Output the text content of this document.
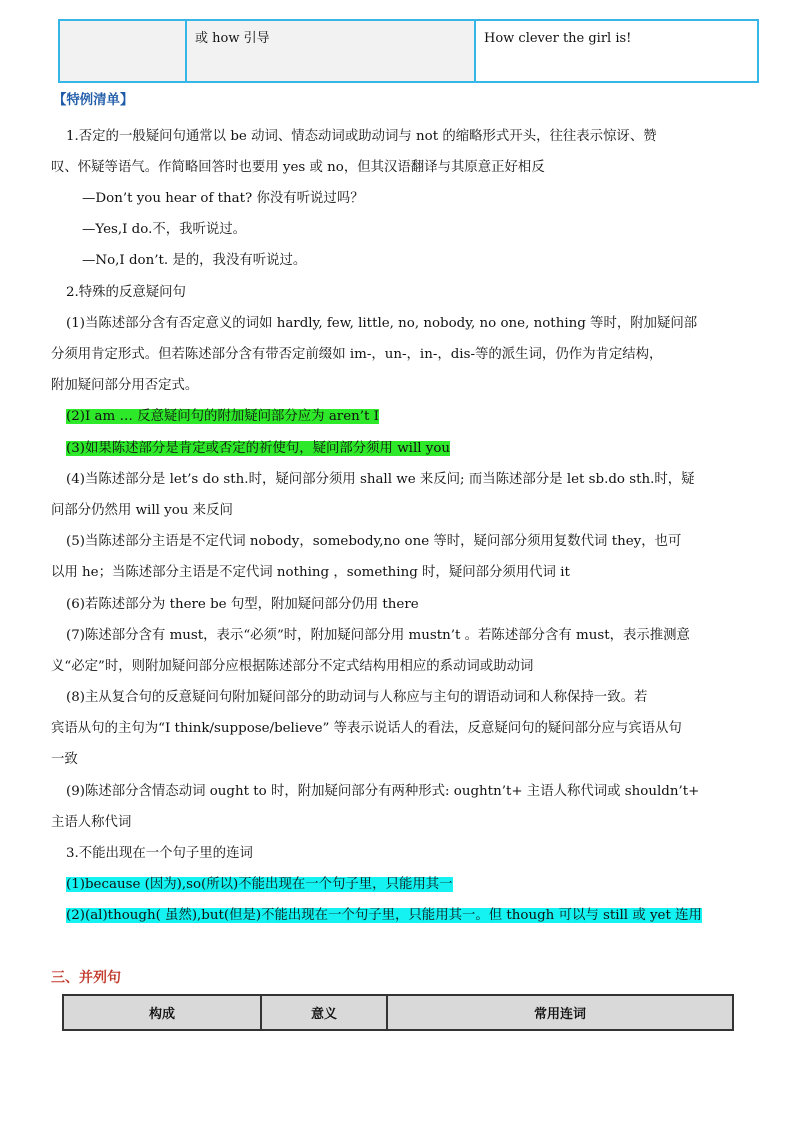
	或 how 引导	How clever the girl is!
【特例清单】
1.否定的一般疑问句通常以 be 动词、情态动词或助动词与 not 的缩略形式开头，往往表示惊讶、赞
叹、怀疑等语气。作简略回答时也要用 yes 或 no，但其汉语翻译与其原意正好相反
—Don’t you hear of that? 你没有听说过吗？
—Yes,I do.不，我听说过。
—No,I don’t. 是的，我没有听说过。
2.特殊的反意疑问句
(1)当陈述部分含有否定意义的词如 hardly, few, little, no, nobody, no one, nothing 等时，附加疑问部
分须用肯定形式。但若陈述部分含有带否定前缀如 im-，un-，in-，dis-等的派生词，仍作为肯定结构，
附加疑问部分用否定式。
(2)I am … 反意疑问句的附加疑问部分应为 aren’t I
(3)如果陈述部分是肯定或否定的祈使句，疑问部分须用 will you
(4)当陈述部分是 let’s do sth.时，疑问部分须用 shall we 来反问; 而当陈述部分是 let sb.do sth.时，疑
问部分仍然用 will you 来反问
(5)当陈述部分主语是不定代词 nobody，somebody,no one 等时，疑问部分须用复数代词 they，也可
以用 he；当陈述部分主语是不定代词 nothing ，something 时，疑问部分须用代词 it
(6)若陈述部分为 there be 句型，附加疑问部分仍用 there
(7)陈述部分含有 must，表示“必须”时，附加疑问部分用 mustn’t 。若陈述部分含有 must，表示推测意
义“必定”时，则附加疑问部分应根据陈述部分不定式结构用相应的系动词或助动词
(8)主从复合句的反意疑问句附加疑问部分的助动词与人称应与主句的谓语动词和人称保持一致。若
宾语从句的主句为“I think/suppose/believe” 等表示说话人的看法，反意疑问句的疑问部分应与宾语从句
一致
(9)陈述部分含情态动词 ought to 时，附加疑问部分有两种形式: oughtn’t+ 主语人称代词或 shouldn’t+
主语人称代词
3.不能出现在一个句子里的连词
(1)because (因为),so(所以)不能出现在一个句子里，只能用其一
(2)(al)though( 虽然),but(但是)不能出现在一个句子里，只能用其一。但 though 可以与 still 或 yet 连用
三、并列句
构成	意义	常用连词
